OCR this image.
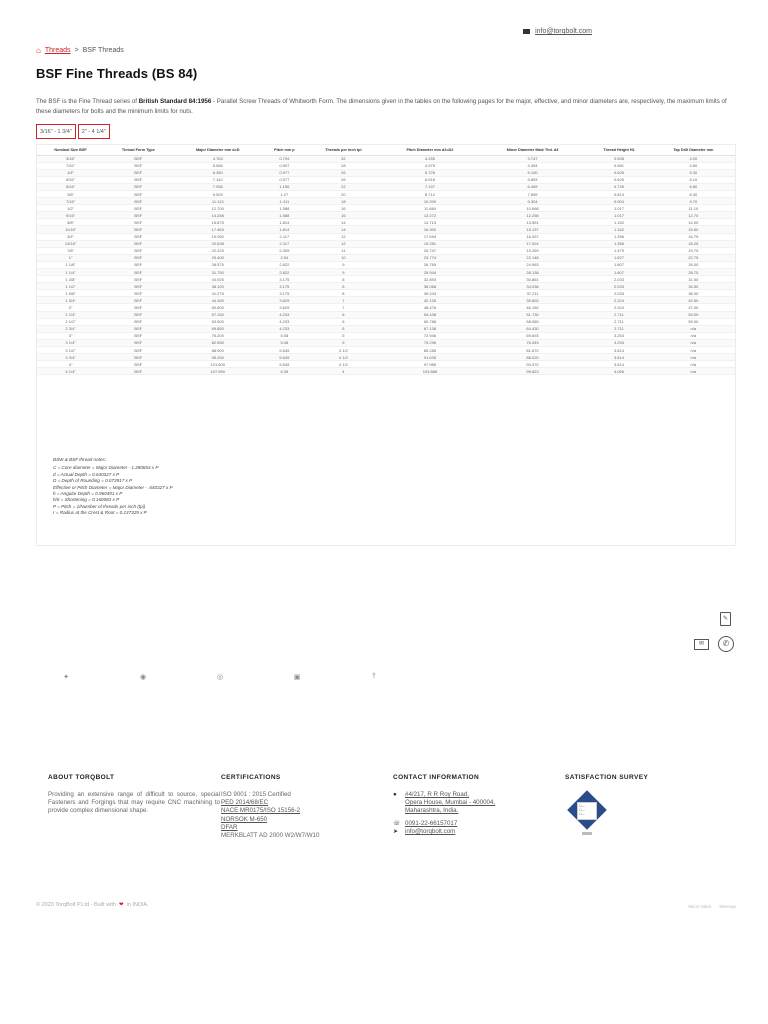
info@torqbolt.com
⌂ Threads > BSF Threads
BSF Fine Threads (BS 84)

The BSF is the Fine Thread series of British Standard 84:1956 - Parallel Screw Threads of Whitworth Form. The dimensions given in the tables on the following pages for the major, effective, and minor diameters are, respectively, the maximum limits of these diameters for bolts and the minimum limits for nuts.

3/16" - 1 3/4"	2" - 4 1/4"
Nominal Size BSF	Thread Form Type	Major Diameter mm d=D	Pitch mm p	Threads per inch tpi	Pitch Diameter mm d2=D2	Minor Diameter Male Thd. d3	Thread Height H1	Tap Drill Diameter mm
3/16"	BSF	4.763	0.794	32	4.255	3.747	0.508	4.00
7/32"	BSF	5.556	0.907	28	4.975	4.394	0.581	4.60
1/4"	BSF	6.350	0.977	26	5.725	5.100	0.625	5.30
9/32"	BSF	7.142	0.977	26	6.518	5.893	0.625	6.10
5/16"	BSF	7.938	1.156	22	7.197	6.459	0.739	6.80
3/8"	BSF	9.525	1.27	20	8.712	7.899	0.813	8.30
7/16"	BSF	11.113	1.411	18	10.209	9.304	0.904	9.70
1/2"	BSF	12.700	1.588	16	11.684	10.668	1.017	11.10
9/16"	BSF	14.288	1.588	16	13.272	12.256	1.017	12.70
5/8"	BSF	15.875	1.814	14	14.713	13.551	1.162	14.00
11/16"	BSF	17.463	1.814	14	16.300	15.137	1.162	15.50
3/4"	BSF	19.050	2.117	12	17.694	16.337	1.356	16.75
13/16"	BSF	20.638	2.117	12	19.281	17.924	1.356	18.25
7/8"	BSF	22.225	2.309	11	20.747	19.269	1.479	19.75
1"	BSF	25.400	2.54	10	23.774	22.148	1.627	22.75
1 1/8"	BSF	28.575	2.822	9	26.769	24.963	1.807	26.00
1 1/4"	BSF	31.750	2.822	9	29.944	28.138	1.807	28.75
1 3/8"	BSF	34.925	3.175	8	32.893	30.861	2.033	31.50
1 1/2"	BSF	38.100	3.175	8	36.068	34.036	2.033	34.50
1 5/8"	BSF	41.275	3.175	8	39.243	37.211	2.033	38.00
1 3/4"	BSF	44.450	3.629	7	42.126	39.802	2.324	40.50
2"	BSF	50.800	3.629	7	48.476	46.152	2.324	47.00
2 1/4"	BSF	57.150	4.233	6	54.438	51.730	2.711	53.00
2 1/2"	BSF	63.500	4.233	6	60.788	58.080	2.711	59.00
2 3/4"	BSF	69.850	4.233	6	67.138	64.430	2.711	n/a
3"	BSF	76.200	5.08	5	72.946	69.693	3.253	n/a
3 1/4"	BSF	82.550	5.08	5	79.296	76.043	3.253	n/a
3 1/2"	BSF	88.900	5.645	4 1/2	85.285	81.670	3.614	n/a
3 3/4"	BSF	95.250	5.645	4 1/2	91.635	88.020	3.614	n/a
4"	BSF	101.600	5.645	4 1/2	97.985	94.370	3.614	n/a
4 1/4"	BSF	107.950	6.35	4	103.886	99.823	4.066	n/a
BSW & BSF thread notes:
C = Core diameter = Major Diameter - 1.280654 x P
d = Actual Depth = 0.640327 x P
D = Depth of Rounding = 0.073917 x P
Effective or Pitch Diameter = Major Diameter - .640327 x P
h = Angular Depth = 0.960491 x P
h/6 = Shortening = 0.160083 x P
P = Pitch = 1/Number of threads per inch (tpi)
r = Radius at the Crest & Root = 0.137329 x P
✎
✉	✆
✦	◉	◎	▣	†
ABOUT TORQBOLT

Providing an extensive range of difficult to source, special Fasteners and Forgings that may require CNC machining to provide complex dimensional shape.

CERTIFICATIONS
ISO 9001 : 2015 Certified
PED 2014/68/EC
NACE MR0175/ISO 15156-2
NORSOK M-650
DFAR
MERKBLATT AD 2000 W2/W7/W10
CONTACT INFORMATION
●	#4/217, R R Roy Road,
Opera House, Mumbai - 400004,
Maharashtra, India.
☏ 0091-22-66157017
➤	info@torqbolt.com
SATISFACTION SURVEY
☐—
☐—
☐—
© 2023 TorqBolt P.Ltd - Built with ❤ in INDIA.	Micro Sites Sitemap
